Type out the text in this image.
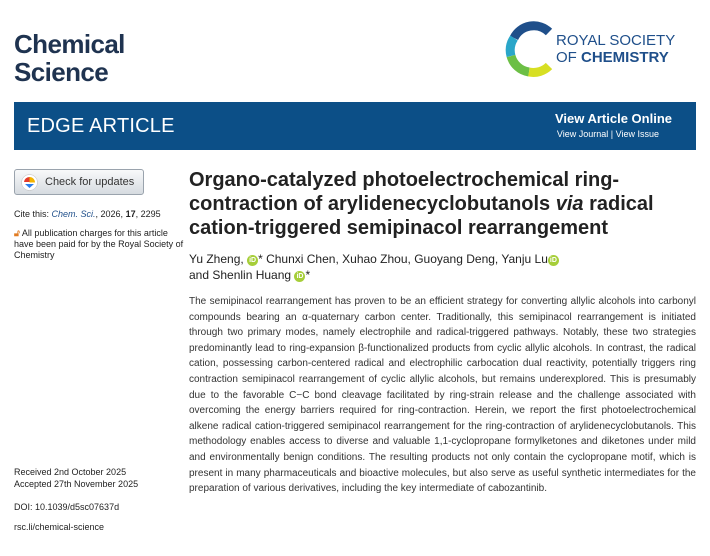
Chemical
Science
ROYAL SOCIETY
OF CHEMISTRY
EDGE ARTICLE	View Article Online
View Journal | View Issue
Check for updates
Cite this: Chem. Sci., 2026, 17, 2295
🔓︎ All publication charges for this article have been paid for by the Royal Society of Chemistry
Received 2nd October 2025
Accepted 27th November 2025
DOI: 10.1039/d5sc07637d
rsc.li/chemical-science
Organo-catalyzed photoelectrochemical ring-contraction of arylidenecyclobutanols via radical cation-triggered semipinacol rearrangement
Yu Zheng, iD * Chunxi Chen, Xuhao Zhou, Guoyang Deng, Yanju Lu iD
and Shenlin Huang iD *
The semipinacol rearrangement has proven to be an efficient strategy for converting allylic alcohols into carbonyl compounds bearing an α-quaternary carbon center. Traditionally, this semipinacol rearrangement is initiated through two primary modes, namely electrophile and radical-triggered pathways. Notably, these two strategies predominantly lead to ring-expansion β-functionalized products from cyclic allylic alcohols. In contrast, the radical cation, possessing carbon-centered radical and electrophilic carbocation dual reactivity, potentially triggers ring contraction semipinacol rearrangement of cyclic allylic alcohols, but remains underexplored. This is presumably due to the favorable C−C bond cleavage facilitated by ring-strain release and the challenge associated with overcoming the energy barriers required for ring-contraction. Herein, we report the first photoelectrochemical alkene radical cation-triggered semipinacol rearrangement for the ring-contraction of arylidenecyclobutanols. This methodology enables access to diverse and valuable 1,1-cyclopropane formylketones and diketones under mild and environmentally benign conditions. The resulting products not only contain the cyclopropane motif, which is present in many pharmaceuticals and bioactive molecules, but also serve as useful synthetic intermediates for the preparation of various derivatives, including the key intermediate of cabozantinib.
